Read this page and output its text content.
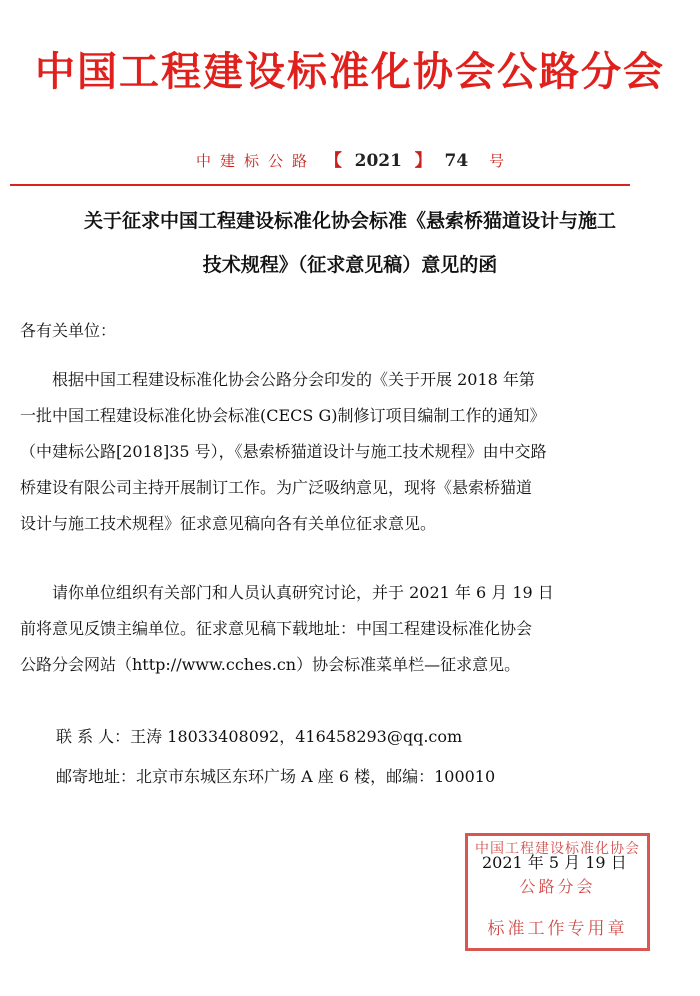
中国工程建设标准化协会公路分会
中建标公路 【 2021 】 74 号
关于征求中国工程建设标准化协会标准《悬索桥猫道设计与施工
技术规程》（征求意见稿）意见的函
各有关单位：
　　根据中国工程建设标准化协会公路分会印发的《关于开展 2018 年第
一批中国工程建设标准化协会标准(CECS G)制修订项目编制工作的通知》
（中建标公路[2018]35 号），《悬索桥猫道设计与施工技术规程》由中交路
桥建设有限公司主持开展制订工作。为广泛吸纳意见，现将《悬索桥猫道
设计与施工技术规程》征求意见稿向各有关单位征求意见。
　　请你单位组织有关部门和人员认真研究讨论，并于 2021 年 6 月 19 日
前将意见反馈主编单位。征求意见稿下载地址：中国工程建设标准化协会
公路分会网站（http://www.cches.cn）协会标准菜单栏—征求意见。
联 系 人：王涛 18033408092，416458293@qq.com
邮寄地址：北京市东城区东环广场 A 座 6 楼，邮编：100010
中国工程建设标准化协会
公路分会
标准工作专用章
2021 年 5 月 19 日
